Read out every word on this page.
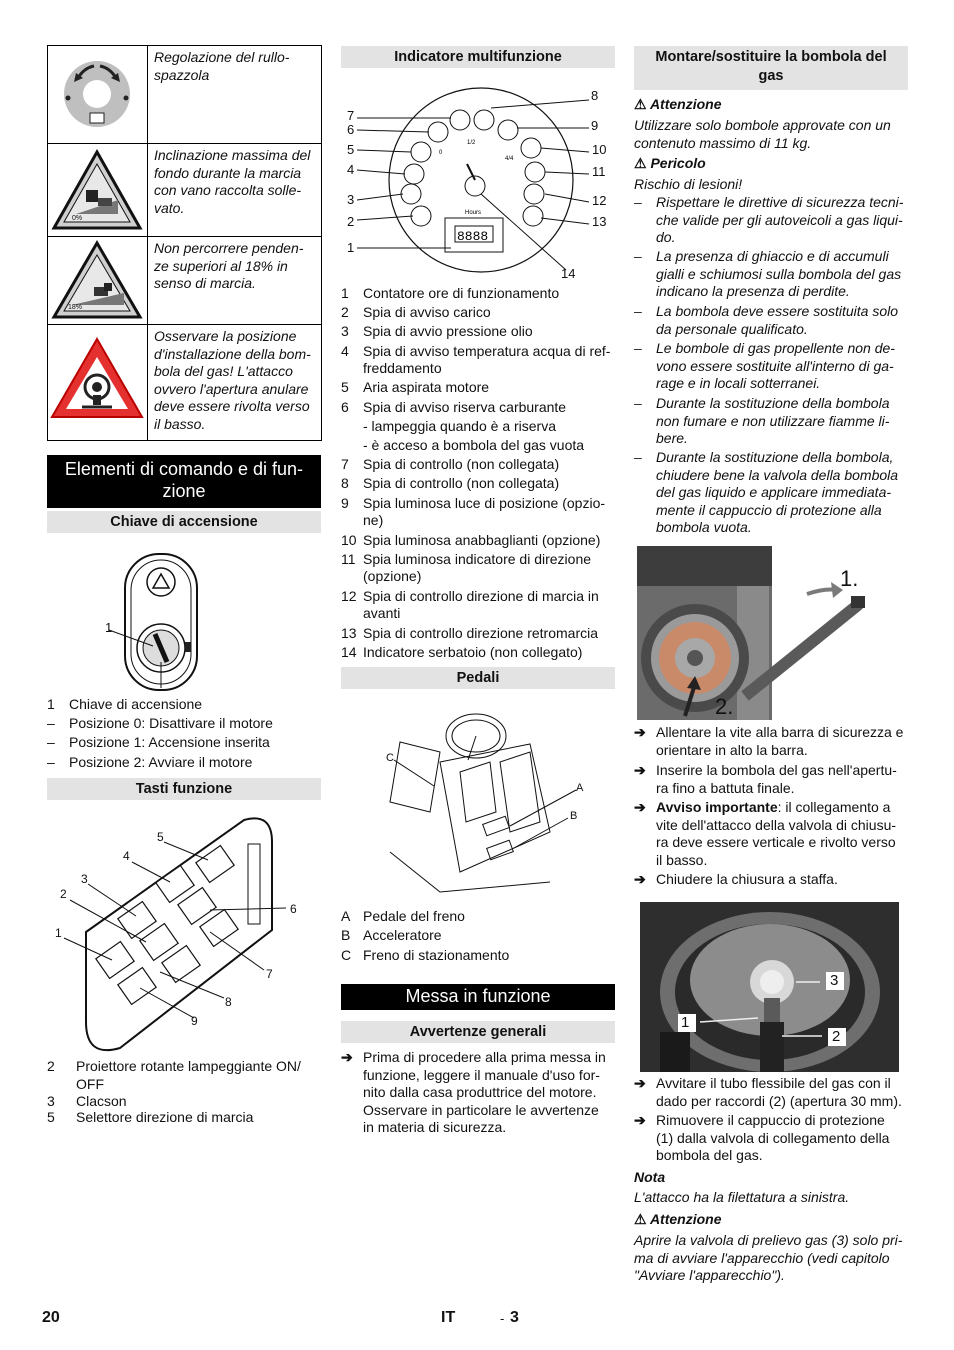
Regolazione del rullo-
spazzola
0%
Inclinazione massima del
fondo durante la marcia
con vano raccolta solle-
vato.
18%
Non percorrere penden-
ze superiori al 18% in
senso di marcia.
Osservare la posizione
d'installazione della bom-
bola del gas! L'attacco
ovvero l'apertura anulare
deve essere rivolta verso
il basso.
Elementi di comando e di fun-
zione
Chiave di accensione
1
1 Chiave di accensione
– Posizione 0: Disattivare il motore
– Posizione 1: Accensione inserita
– Posizione 2: Avviare il motore
Tasti funzione
1
2
3
4
5
6
7
8
9
2 Proiettore rotante lampeggiante ON/
OFF
3 Clacson
5 Selettore direzione di marcia
Indicatore multifunzione
1/2
4/4
0
Hours
8888
1
2
3
4
5
6
7
8
9
10
11
12
13
14
1 Contatore ore di funzionamento
2 Spia di avviso carico
3 Spia di avvio pressione olio
4 Spia di avviso temperatura acqua di ref-
freddamento
5 Aria aspirata motore
6 Spia di avviso riserva carburante
- lampeggia quando è a riserva
- è acceso a bombola del gas vuota
7 Spia di controllo (non collegata)
8 Spia di controllo (non collegata)
9 Spia luminosa luce di posizione (opzio-
ne)
10 Spia luminosa anabbaglianti (opzione)
11 Spia luminosa indicatore di direzione
(opzione)
12 Spia di controllo direzione di marcia in
avanti
13 Spia di controllo direzione retromarcia
14 Indicatore serbatoio (non collegato)
Pedali
A
B
C
A Pedale del freno
B Acceleratore
C Freno di stazionamento
Messa in funzione
Avvertenze generali
➔ Prima di procedere alla prima messa in
funzione, leggere il manuale d'uso for-
nito dalla casa produttrice del motore.
Osservare in particolare le avvertenze
in materia di sicurezza.
Montare/sostituire la bombola del
gas
⚠ Attenzione
Utilizzare solo bombole approvate con un
contenuto massimo di 11 kg.
⚠ Pericolo
Rischio di lesioni!
– Rispettare le direttive di sicurezza tecni-
che valide per gli autoveicoli a gas liqui-
do.
– La presenza di ghiaccio e di accumuli
gialli e schiumosi sulla bombola del gas
indicano la presenza di perdite.
– La bombola deve essere sostituita solo
da personale qualificato.
– Le bombole di gas propellente non de-
vono essere sostituite all'interno di ga-
rage e in locali sotterranei.
– Durante la sostituzione della bombola
non fumare e non utilizzare fiamme li-
bere.
– Durante la sostituzione della bombola,
chiudere bene la valvola della bombola
del gas liquido e applicare immediata-
mente il cappuccio di protezione alla
bombola vuota.
1.
2.
➔ Allentare la vite alla barra di sicurezza e
orientare in alto la barra.
➔ Inserire la bombola del gas nell'apertu-
ra fino a battuta finale.
➔ Avviso importante: il collegamento a
vite dell'attacco della valvola di chiusu-
ra deve essere verticale e rivolto verso
il basso.
➔ Chiudere la chiusura a staffa.
1
2
3
➔ Avvitare il tubo flessibile del gas con il
dado per raccordi (2) (apertura 30 mm).
➔ Rimuovere il cappuccio di protezione
(1) dalla valvola di collegamento della
bombola del gas.
Nota
L'attacco ha la filettatura a sinistra.
⚠ Attenzione
Aprire la valvola di prelievo gas (3) solo pri-
ma di avviare l'apparecchio (vedi capitolo
"Avviare l'apparecchio").
20	IT	- 3
